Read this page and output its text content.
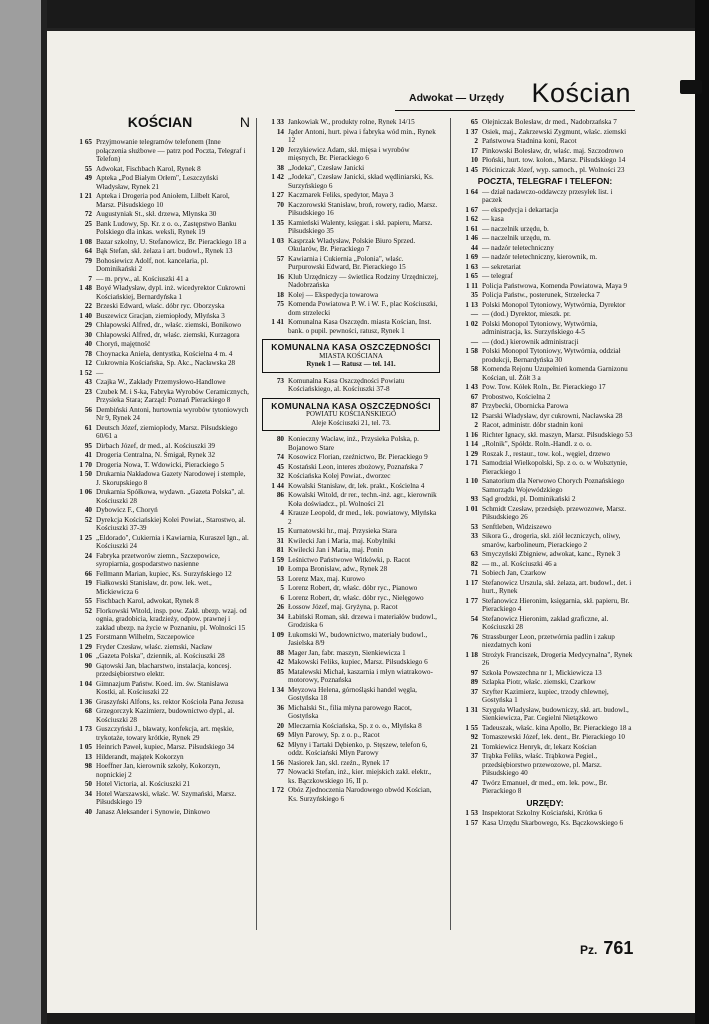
Adwokat — Urzędy Kościan
KOŚCIAN	N
1 65 Przyjmowanie telegramów telefonem (Inne połączenia służbowe — patrz pod Poczta, Telegraf i Telefon)
55 Adwokat, Fischbach Karol, Rynek 8
49 Apteka „Pod Białym Orłem", Leszczyński Władysław, Rynek 21
1 21 Apteka i Drogeria pod Aniołem, Lilbelt Karol, Marsz. Piłsudskiego 10
72 Augustyniak St., skł. drzewa, Młynska 30
25 Bank Ludowy, Sp. Kr. z o. o., Zastępstwo Banku Polskiego dla inkas. weksli, Rynek 19
1 08 Bazar szkolny, U. Stefanowicz, Br. Pierackiego 18 a
64 Bąk Stefan, skł. żelaza i art. budowl., Rynek 13
79 Bohosiewicz Adolf, not. kancelaria, pl. Dominikański 2
7 — m. pryw., al. Kościuszki 41 a
1 48 Boyé Władysław, dypl. inż. wicedyrektor Cukrowni Kościańskiej, Bernardyńska 1
22 Brzeski Edward, właśc. dóbr ryc. Oborzyska
1 40 Buszewicz Gracjan, ziemiopłody, Młyńska 3
29 Chłapowski Alfred, dr., właśc. ziemski, Bonikowo
30 Chłapowski Alfred, dr, właśc. ziemski, Kurzagora
40 Choryń, majętność
78 Choynacka Aniela, dentystka, Kościelna 4 m. 4
12 Cukrownia Kościańska, Sp. Akc., Nacławska 28
1 52 —
43 Czajka W., Zakłady Przemysłowo-Handlowe
23 Czubek M. i S-ka, Fabryka Wyrobów Ceramicznych, Przysieka Stara; Zarząd: Poznań Pierackiego 8
56 Dembiński Antoni, hurtownia wyrobów tytoniowych Nr 9, Rynek 24
61 Deutsch Józef, ziemiopłody, Marsz. Piłsudskiego 60/61 a
95 Dirbach Józef, dr med., al. Kościuszki 39
41 Drogeria Centralna, N. Śmigał, Rynek 32
1 70 Drogeria Nowa, T. Wdowicki, Pierackiego 5
1 50 Drukarnia Nakładowa Gazety Narodowej i stemple, J. Skorupskiego 8
1 06 Drukarnia Spółkowa, wydawn. „Gazeta Polska", al. Kościuszki 28
40 Dybowicz F., Choryń
52 Dyrekcja Kościańskiej Kolei Powiat., Starostwo, al. Kościuszki 37-39
1 25 „Eldorado", Cukiernia i Kawiarnia, Kuraszel Ign., al. Kościuszki 24
24 Fabryka przetworów ziemn., Szczepowice, syropiarnia, gospodarstwo nasienne
66 Fellmann Marian, kupiec, Ks. Surzyńskiego 12
19 Fiałkowski Stanisław, dr. pow. lek. wet., Mickiewicza 6
55 Fischbach Karol, adwokat, Rynek 8
52 Florkowski Witold, insp. pow. Zakł. ubezp. wzaj. od ognia, gradobicia, kradzieży, odpow. prawnej i zakład ubezp. na życie w Poznaniu, pl. Wolności 15
1 25 Forstmann Wilhelm, Szczepowice
1 29 Fryder Czesław, właśc. ziemski, Nacław
1 06 „Gazeta Polska", dziennik, al. Kościuszki 28
90 Gątowski Jan, blacharstwo, instalacja, koncesj. przedsiębiorstwo elektr.
1 04 Gimnazjum Państw. Koed. im. św. Stanisława Kostki, al. Kościuszki 22
1 36 Graszyński Alfons, ks. rektor Kościoła Pana Jezusa
68 Grzegorczyk Kazimierz, budownictwo dypl., al. Kościuszki 28
1 73 Guszczyński J., bławaty, konfekcja, art. męskie, trykotaże, towary krótkie, Rynek 29
1 05 Heinrich Paweł, kupiec, Marsz. Piłsudskiego 34
13 Hilderandt, majątek Kokorzyn
98 Hoeffner Jan, kierownik szkoły, Kokorzyn, nopnickiej 2
50 Hotel Victoria, al. Kościuszki 21
34 Hotel Warszawski, właśc. W. Szymański, Marsz. Piłsudskiego 19
40 Janasz Aleksander i Synowie, Dinkowo
1 33 Jankowiak W., produkty rolne, Rynek 14/15
14 Jąder Antoni, hurt. piwa i fabryka wód min., Rynek 12
1 20 Jerzykiewicz Adam, skł. mięsa i wyrobów mięsnych, Br. Pierackiego 6
38 „Jodeka", Czesław Janicki
1 42 „Jodeka", Czesław Janicki, skład wędliniarski, Ks. Surzyńskiego 6
1 27 Kaczmarek Feliks, spedytor, Maya 3
70 Kaczorowski Stanisław, broń, rowery, radio, Marsz. Piłsudskiego 16
1 35 Kamieński Walenty, księgar. i skł. papieru, Marsz. Piłsudskiego 35
1 03 Kasprzak Władysław, Polskie Biuro Sprzed. Okularów, Br. Pierackiego 7
57 Kawiarnia i Cukiernia „Polonia", właśc. Purpurowski Edward, Br. Pierackiego 15
16 Klub Urzędniczy — świetlica Rodziny Urzędniczej, Nadobrzańska
18 Kolej — Ekspedycja towarowa
75 Komenda Powiatowa P. W. i W. F., plac Kościuszki, dom strzelecki
1 41 Komunalna Kasa Oszczędn. miasta Kościan, Inst. bank. o pupil. pewności, ratusz, Rynek 1
KOMUNALNA KASA OSZCZĘDNOŚCI
MIASTA KOŚCIANA
Rynek 1 — Ratusz — tel. 141.
73 Komunalna Kasa Oszczędności Powiatu Kościańskiego, al. Kościuszki 37-8
KOMUNALNA KASA OSZCZĘDNOŚCI
POWIATU KOŚCIAŃSKIEGO
Aleje Kościuszki 21, tel. 73.
80 Konieczny Wacław, inż., Przysieka Polska, p. Bojanowo Stare
74 Kosowicz Florian, rzeźnictwo, Br. Pierackiego 9
45 Kostański Leon, interes zbożowy, Poznańska 7
32 Kościańska Kolej Powiat., dworzec
1 44 Kowalski Stanisław, dr, lek. prakt., Kościelna 4
86 Kowalski Witold, dr rer., techn.-inż. agr., kierownik Koła doświadcz., pl. Wolności 21
4 Krauze Leopold, dr med., lek. powiatowy, Młyńska 2
15 Kurnatowski hr., maj. Przysieka Stara
31 Kwilecki Jan i Maria, maj. Kobylniki
81 Kwilecki Jan i Maria, maj. Ponin
1 59 Leśnictwo Państwowe Witkówki, p. Racot
10 Łompa Bronisław, adw., Rynek 28
53 Lorenz Max, maj. Kurowo
5 Lorenz Robert, dr, właśc. dóbr ryc., Pianowo
6 Lorenz Robert, dr, właśc. dóbr ryc., Nielęgowo
26 Łossow Józef, maj. Gryżyna, p. Racot
34 Łabiński Roman, skł. drzewa i materiałów budowl., Grodziska 6
1 09 Łukomski W., budownictwo, materiały budowl., Jasielska 8/9
88 Mager Jan, fabr. maszyn, Sienkiewicza 1
42 Makowski Feliks, kupiec, Marsz. Piłsudskiego 6
85 Matalewski Michał, kaszarnia i młyn wiatrakowo-motorowy, Poznańska
1 34 Meyzowa Helena, górnośląski handel węgla, Gostyńska 18
36 Michalski St., filia młyna parowego Racot, Gostyńska
20 Mleczarnia Kościańska, Sp. z o. o., Młyńska 8
69 Młyn Parowy, Sp. z o. p., Racot
62 Młyny i Tartaki Dębienko, p. Stęszew, telefon 6, oddz. Kościański Młyn Parowy
1 56 Nasiorek Jan, skl. rzeźn., Rynek 17
77 Nowacki Stefan, inż., kier. miejskich zakł. elektr., ks. Bączkowskiego 16, II p.
1 72 Obóz Zjednoczenia Narodowego obwód Kościan, Ks. Surzyńskiego 6
65 Olejniczak Bolesław, dr med., Nadobrzańska 7
1 37 Osiek, maj., Zakrzewski Zygmunt, właśc. ziemski
2 Państwowa Stadnina koni, Racot
17 Pinkowski Bolesław, dr, właśc. maj. Szczodrowo
10 Płoński, hurt. tow. kolon., Marsz. Piłsudskiego 14
1 45 Płóciniczak Józef, wyp. samoch., pl. Wolności 23
POCZTA, TELEGRAF I TELEFON:
1 64 — dział nadawczo-oddawczy przesyłek list. i paczek
1 67 — ekspedycja i dekartacja
1 62 — kasa
1 61 — naczelnik urzędu, b.
1 46 — naczelnik urzędu, m.
44 — nadzór teletechniczny
1 69 — nadzór teletechniczny, kierownik, m.
1 63 — sekretariat
1 65 — telegraf
1 11 Policja Państwowa, Komenda Powiatowa, Maya 9
35 Policja Państw., posterunek, Strzelecka 7
1 13 Polski Monopol Tytoniowy, Wytwórnia, Dyrektor
— — (dod.) Dyrektor, mieszk. pr.
1 02 Polski Monopol Tytoniowy, Wytwórnia, administracja, ks. Surzyńskiego 4-5
— — (dod.) kierownik administracji
1 58 Polski Monopol Tytoniowy, Wytwórnia, oddział produkcji, Bernardyńska 30
58 Komenda Rejonu Uzupełnień komenda Garnizonu Kościan, ul. Żółt 3 a
1 43 Pow. Tow. Kółek Roln., Br. Pierackiego 17
67 Probostwo, Kościelna 2
87 Przybecki, Obornicka Parowa
12 Psarski Władysław, dyr cukrowni, Nacławska 28
2 Racot, administr. dóbr stadnin koni
1 16 Richter Ignacy, skł. maszyn, Marsz. Piłsudskiego 53
1 14 „Rolnik", Spółdz. Roln.-Handl. z o. o.
1 29 Roszak J., restaur., tow. kol., węgiel, drzewo
1 71 Samodział Wielkopolski, Sp. z o. o. w Wolsztynie, Pierackiego 1
1 10 Sanatorium dla Nerwowo Chorych Poznańskiego Samorządu Wojewódzkiego
93 Sąd grodzki, pl. Dominikański 2
1 01 Schmidt Czesław, przedsięb. przewozowe, Marsz. Piłsudskiego 26
53 Senftleben, Widziszewo
33 Sikora G., drogeria, skł. ziół leczniczych, oliwy, smarów, karbolineum, Pierackiego 2
63 Smyczyński Zbigniew, adwokat, kanc., Rynek 3
82 — m., al. Kościuszki 46 a
71 Sobiech Jan, Czarkow
1 17 Stefanowicz Urszula, skł. żelaza, art. budowl., det. i hurt., Rynek
1 77 Stefanowicz Hieronim, księgarnia, skł. papieru, Br. Pierackiego 4
54 Stefanowicz Hieronim, zakład graficzne, al. Kościuszki 28
76 Strassburger Leon, przetwórnia padlin i zakup niezdatnych koni
1 18 Strożyk Franciszek, Drogeria Medycynalna", Rynek 26
97 Szkoła Powszechna nr 1, Mickiewicza 13
89 Szlapka Piotr, właśc. ziemski, Czarkow
37 Szyfter Kazimierz, kupiec, trzody chlewnej, Gostyńska 1
1 31 Szyguła Władysław, budowniczy, skł. art. budowl., Sienkiewicza, Par. Cegielni Nietążkowo
1 55 Tadeuszak, właśc. kina Apollo, Br. Pierackiego 18 a
92 Tomaszewski Józef, lek. dent., Br. Pierackiego 10
21 Tomkiewicz Henryk, dr, lekarz Kościan
37 Trąbka Feliks, właśc. Trąbkowa Pegiel., przedsiębiorstwo przewozowe, pl. Marsz. Piłsudskiego 40
47 Twórz Emanuel, dr med., em. lek. pow., Br. Pierackiego 8
URZĘDY:
1 53 Inspektorat Szkolny Kościański, Krótka 6
1 57 Kasa Urzędu Skarbowego, Ks. Bączkowskiego 6
Pz. 761
